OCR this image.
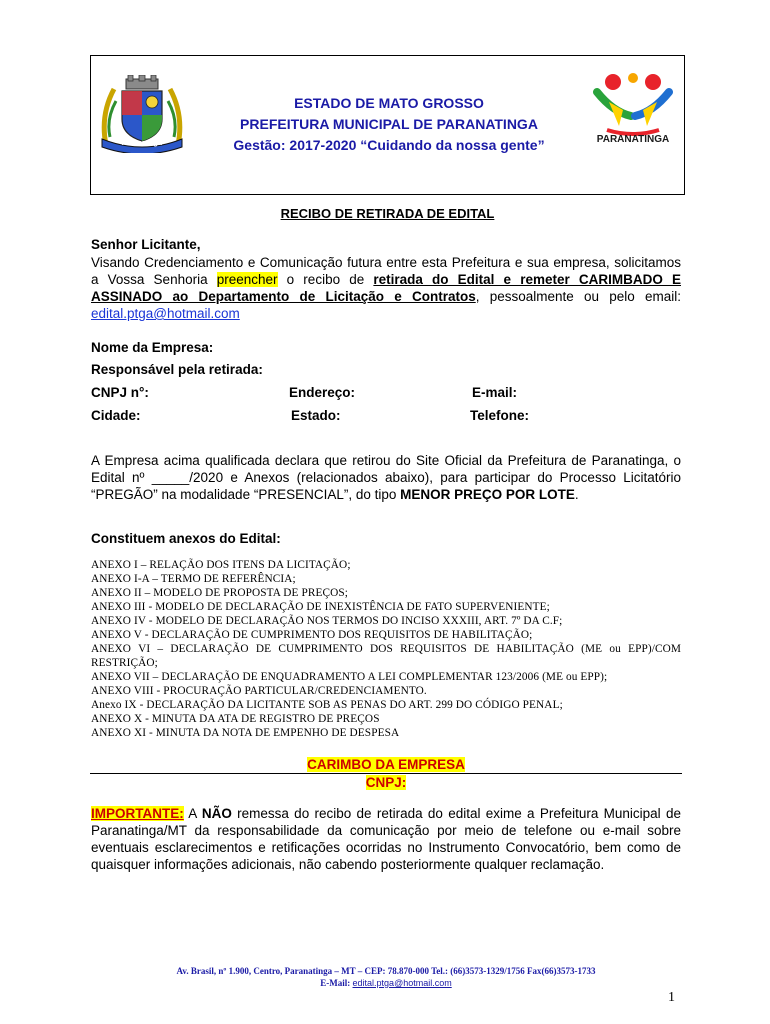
Paranatinga
ESTADO DE MATO GROSSO
PREFEITURA MUNICIPAL DE PARANATINGA
Gestão: 2017-2020 “Cuidando da nossa gente”	PARANATINGA
RECIBO DE RETIRADA DE EDITAL
Senhor Licitante,
Visando Credenciamento e Comunicação futura entre esta Prefeitura e sua empresa, solicitamos a Vossa Senhoria preencher o recibo de retirada do Edital e remeter CARIMBADO E ASSINADO ao Departamento de Licitação e Contratos, pessoalmente ou pelo email: edital.ptga@hotmail.com
Nome da Empresa:
Responsável pela retirada:
CNPJ n°:	Endereço:	E-mail:
Cidade:	Estado:	Telefone:
A Empresa acima qualificada declara que retirou do Site Oficial da Prefeitura de Paranatinga, o Edital nº _____/2020 e Anexos (relacionados abaixo), para participar do Processo Licitatório “PREGÃO” na modalidade “PRESENCIAL”, do tipo MENOR PREÇO POR LOTE.
Constituem anexos do Edital:
ANEXO I – RELAÇÃO DOS ITENS DA LICITAÇÃO;
ANEXO I-A – TERMO DE REFERÊNCIA;
ANEXO II – MODELO DE PROPOSTA DE PREÇOS;
ANEXO III - MODELO DE DECLARAÇÃO DE INEXISTÊNCIA DE FATO SUPERVENIENTE;
ANEXO IV - MODELO DE DECLARAÇÃO NOS TERMOS DO INCISO XXXIII, ART. 7º DA C.F;
ANEXO V - DECLARAÇÃO DE CUMPRIMENTO DOS REQUISITOS DE HABILITAÇÃO;
ANEXO VI – DECLARAÇÃO DE CUMPRIMENTO DOS REQUISITOS DE HABILITAÇÃO (ME ou EPP)/COM RESTRIÇÃO;
ANEXO VII – DECLARAÇÃO DE ENQUADRAMENTO A LEI COMPLEMENTAR 123/2006 (ME ou EPP);
ANEXO VIII - PROCURAÇÃO PARTICULAR/CREDENCIAMENTO.
Anexo IX - DECLARAÇÃO DA LICITANTE SOB AS PENAS DO ART. 299 DO CÓDIGO PENAL;
ANEXO X - MINUTA DA ATA DE REGISTRO DE PREÇOS
ANEXO XI - MINUTA DA NOTA DE EMPENHO DE DESPESA
CARIMBO DA EMPRESA
CNPJ:
IMPORTANTE: A NÃO remessa do recibo de retirada do edital exime a Prefeitura Municipal de Paranatinga/MT da responsabilidade da comunicação por meio de telefone ou e-mail sobre eventuais esclarecimentos e retificações ocorridas no Instrumento Convocatório, bem como de quaisquer informações adicionais, não cabendo posteriormente qualquer reclamação.
Av. Brasil, nº 1.900, Centro, Paranatinga – MT – CEP: 78.870-000 Tel.: (66)3573-1329/1756 Fax(66)3573-1733
E-Mail: edital.ptga@hotmail.com
1
